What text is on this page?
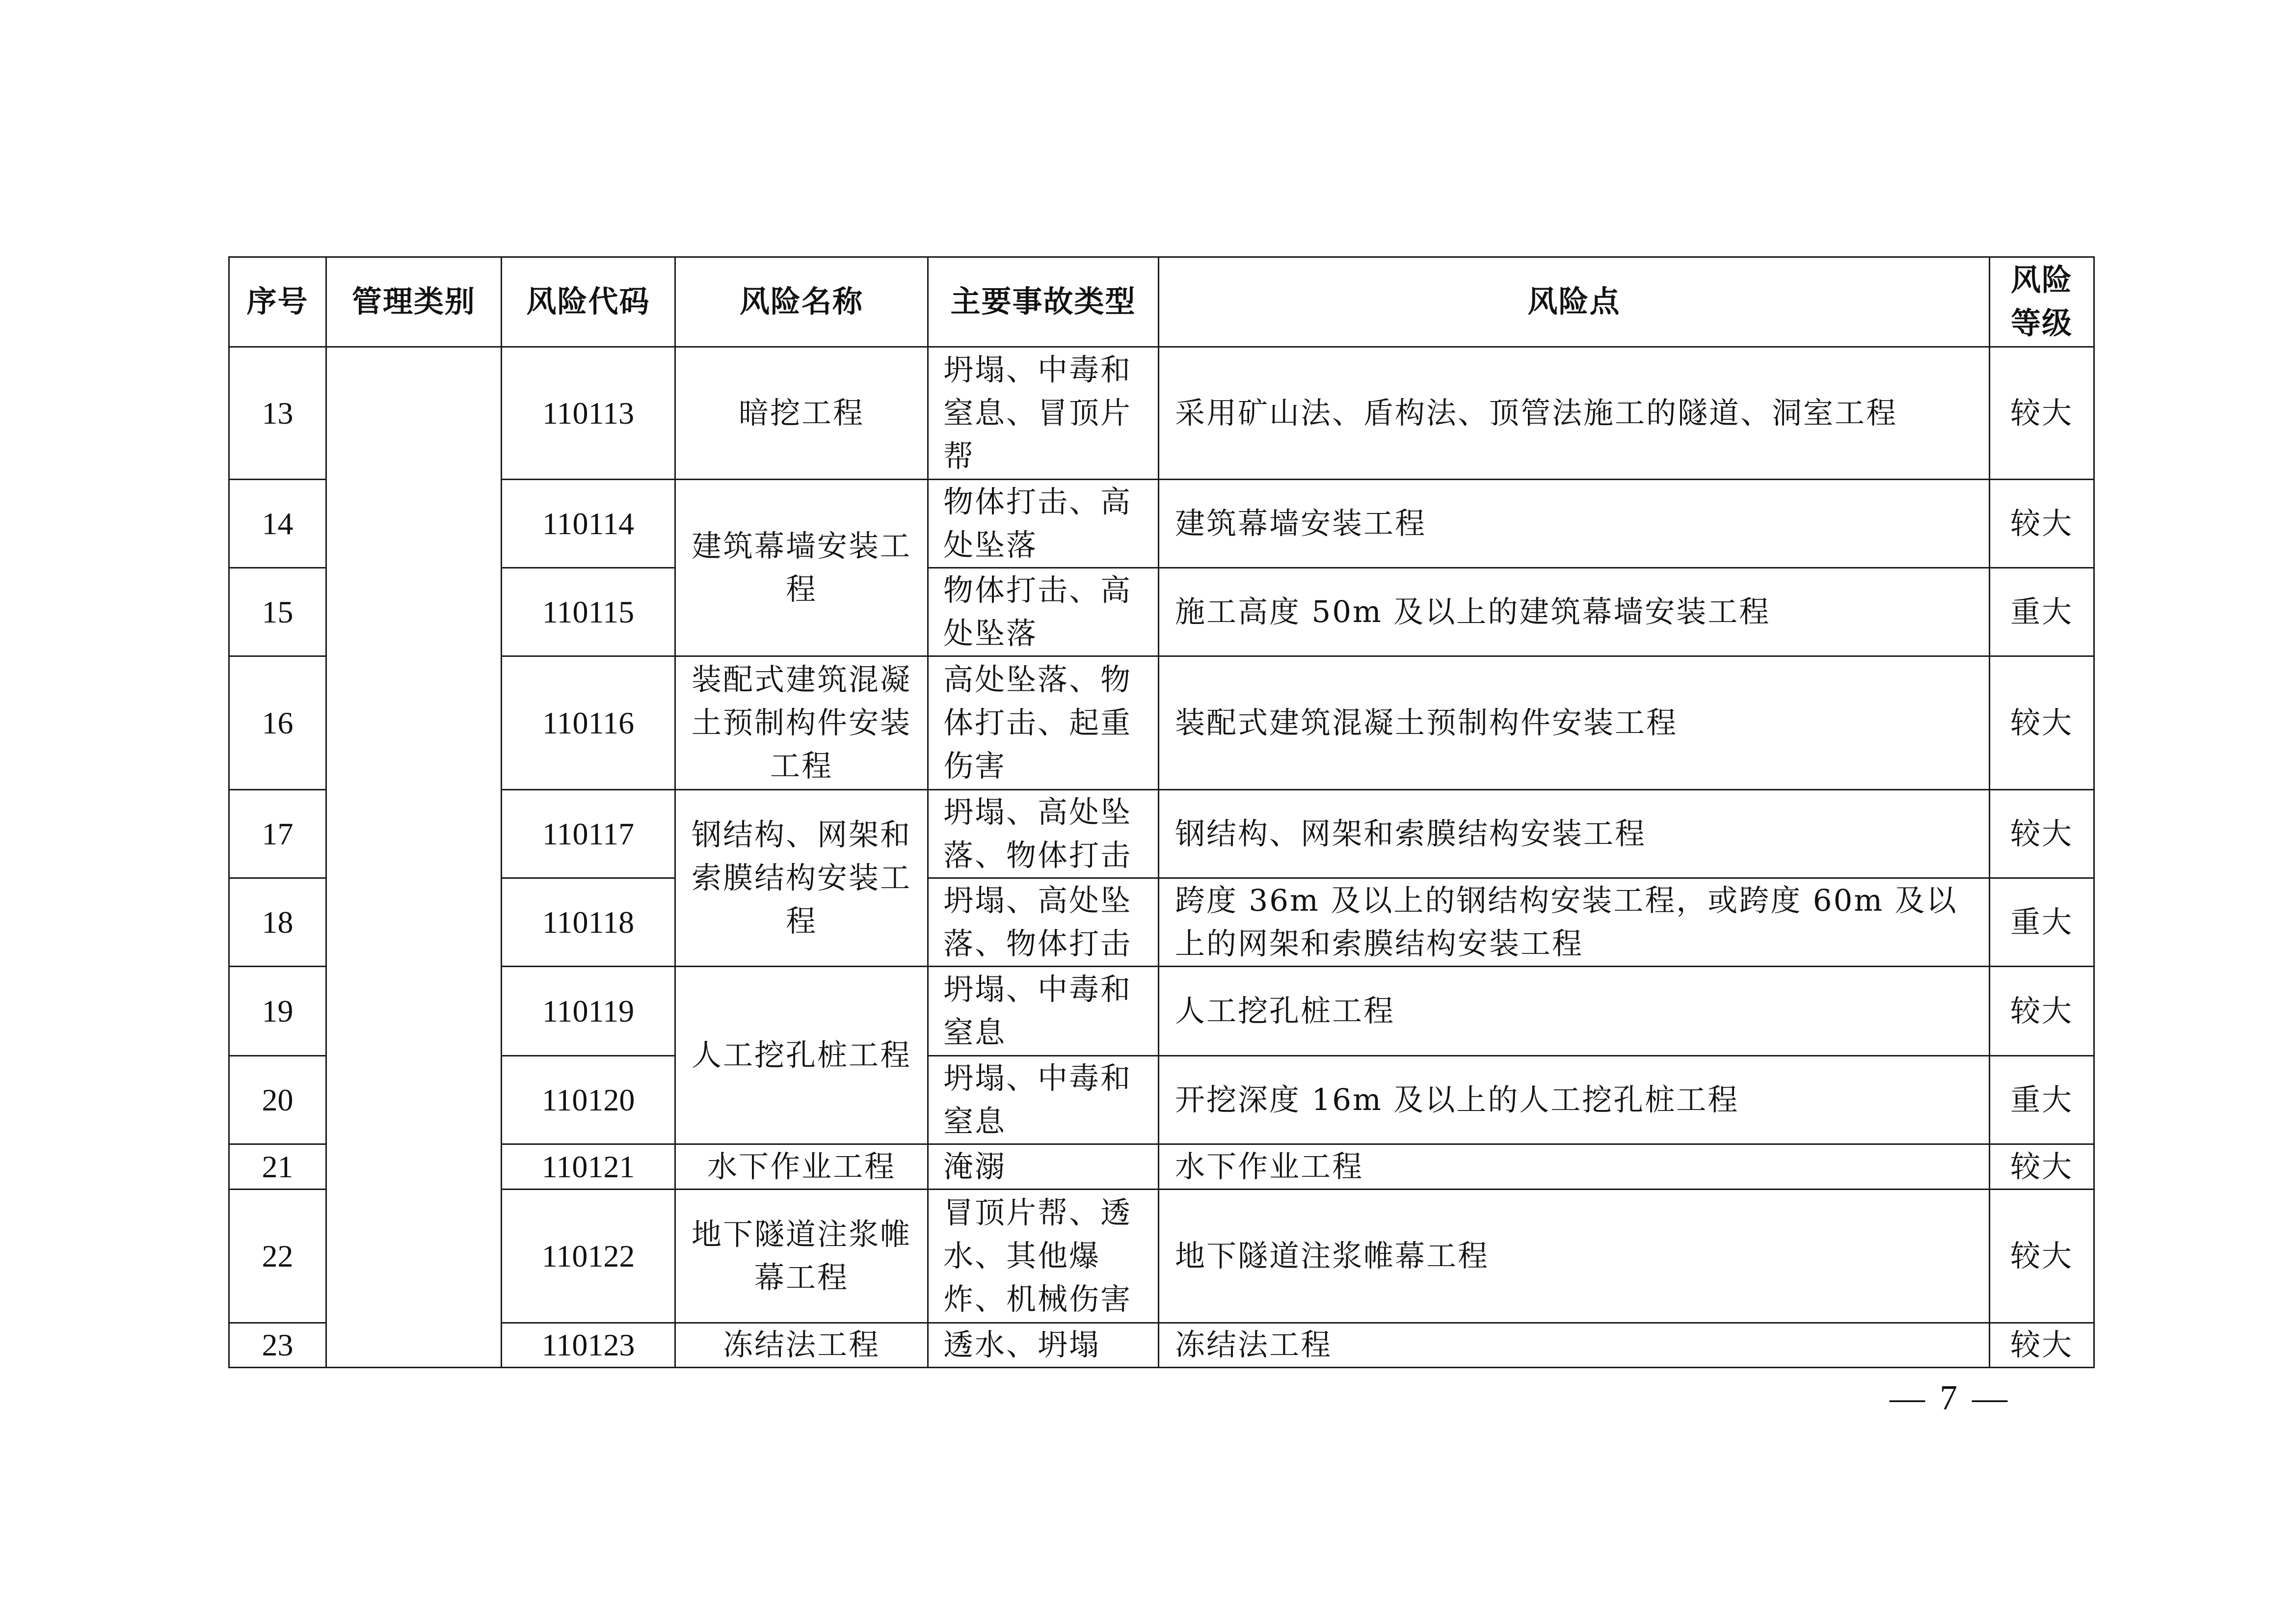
序号	管理类别	风险代码	风险名称	主要事故类型	风险点	风险等级
13		110113	暗挖工程	坍塌、中毒和窒息、冒顶片帮	采用矿山法、盾构法、顶管法施工的隧道、洞室工程	较大
14		110114	建筑幕墙安装工程	物体打击、高处坠落	建筑幕墙安装工程	较大
15		110115		物体打击、高处坠落	施工高度 50m 及以上的建筑幕墙安装工程	重大
16		110116	装配式建筑混凝土预制构件安装工程	高处坠落、物体打击、起重伤害	装配式建筑混凝土预制构件安装工程	较大
17		110117	钢结构、网架和索膜结构安装工程	坍塌、高处坠落、物体打击	钢结构、网架和索膜结构安装工程	较大
18		110118		坍塌、高处坠落、物体打击	跨度 36m 及以上的钢结构安装工程，或跨度 60m 及以上的网架和索膜结构安装工程	重大
19		110119	人工挖孔桩工程	坍塌、中毒和窒息	人工挖孔桩工程	较大
20		110120		坍塌、中毒和窒息	开挖深度 16m 及以上的人工挖孔桩工程	重大
21		110121	水下作业工程	淹溺	水下作业工程	较大
22		110122	地下隧道注浆帷幕工程	冒顶片帮、透水、其他爆炸、机械伤害	地下隧道注浆帷幕工程	较大
23		110123	冻结法工程	透水、坍塌	冻结法工程	较大
— 7 —
